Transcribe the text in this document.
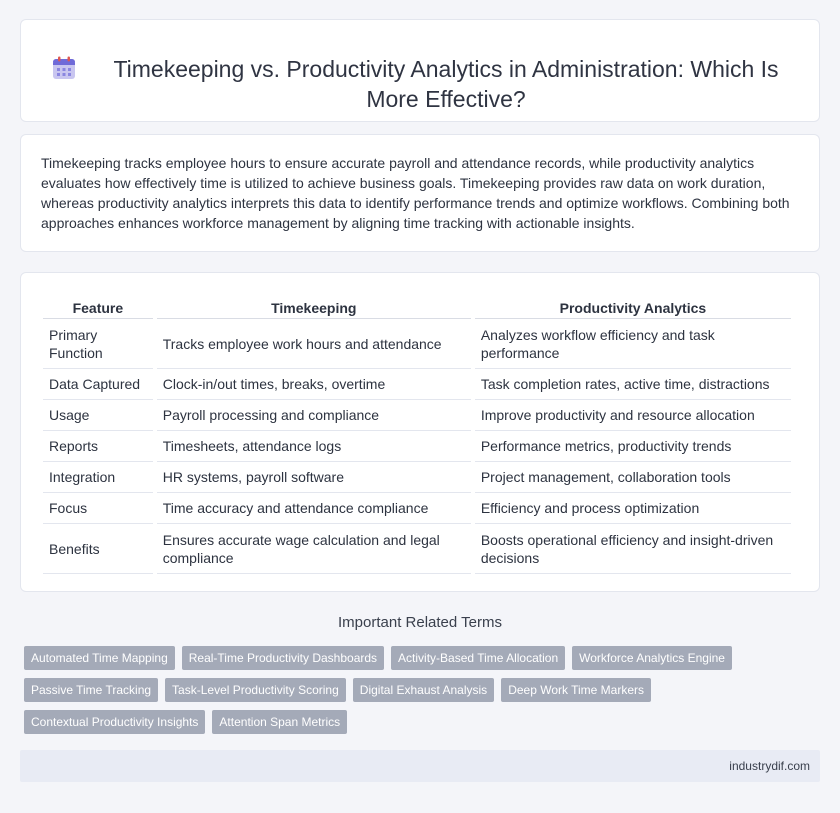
Timekeeping vs. Productivity Analytics in Administration: Which Is More Effective?

Timekeeping tracks employee hours to ensure accurate payroll and attendance records, while productivity analytics evaluates how effectively time is utilized to achieve business goals. Timekeeping provides raw data on work duration, whereas productivity analytics interprets this data to identify performance trends and optimize workflows. Combining both approaches enhances workforce management by aligning time tracking with actionable insights.

Feature	Timekeeping	Productivity Analytics
Primary Function	Tracks employee work hours and attendance	Analyzes workflow efficiency and task performance
Data Captured	Clock-in/out times, breaks, overtime	Task completion rates, active time, distractions
Usage	Payroll processing and compliance	Improve productivity and resource allocation
Reports	Timesheets, attendance logs	Performance metrics, productivity trends
Integration	HR systems, payroll software	Project management, collaboration tools
Focus	Time accuracy and attendance compliance	Efficiency and process optimization
Benefits	Ensures accurate wage calculation and legal compliance	Boosts operational efficiency and insight-driven decisions
Important Related Terms
Automated Time Mapping	Real-Time Productivity Dashboards	Activity-Based Time Allocation	Workforce Analytics Engine
Passive Time Tracking	Task-Level Productivity Scoring	Digital Exhaust Analysis	Deep Work Time Markers
Contextual Productivity Insights	Attention Span Metrics
industrydif.com
